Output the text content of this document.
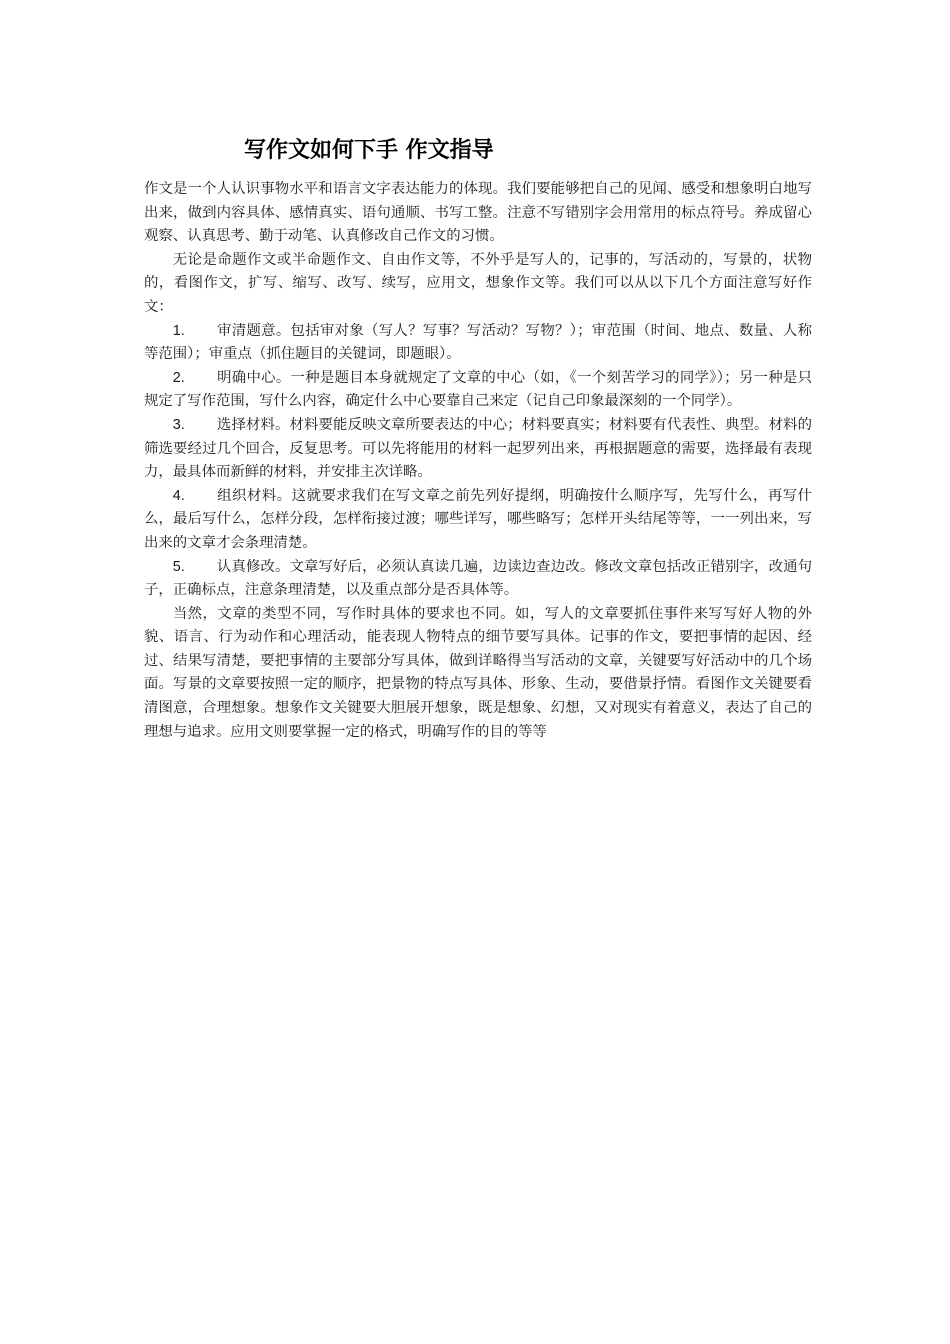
写作文如何下手 作文指导

作文是一个人认识事物水平和语言文字表达能力的体现。我们要能够把自己的见闻、感受和想象明白地写出来，做到内容具体、感情真实、语句通顺、书写工整。注意不写错别字会用常用的标点符号。养成留心观察、认真思考、勤于动笔、认真修改自己作文的习惯。

无论是命题作文或半命题作文、自由作文等，不外乎是写人的，记事的，写活动的，写景的，状物的，看图作文，扩写、缩写、改写、续写，应用文，想象作文等。我们可以从以下几个方面注意写好作文：

1. 审清题意。包括审对象（写人？写事？写活动？写物？）；审范围（时间、地点、数量、人称等范围）；审重点（抓住题目的关键词，即题眼）。

2. 明确中心。一种是题目本身就规定了文章的中心（如，《一个刻苦学习的同学》）；另一种是只规定了写作范围，写什么内容，确定什么中心要靠自己来定（记自己印象最深刻的一个同学）。

3. 选择材料。材料要能反映文章所要表达的中心；材料要真实；材料要有代表性、典型。材料的筛选要经过几个回合，反复思考。可以先将能用的材料一起罗列出来，再根据题意的需要，选择最有表现力，最具体而新鲜的材料，并安排主次详略。

4. 组织材料。这就要求我们在写文章之前先列好提纲，明确按什么顺序写，先写什么，再写什么，最后写什么，怎样分段，怎样衔接过渡；哪些详写，哪些略写；怎样开头结尾等等，一一列出来，写出来的文章才会条理清楚。

5. 认真修改。文章写好后，必须认真读几遍，边读边查边改。修改文章包括改正错别字，改通句子，正确标点，注意条理清楚，以及重点部分是否具体等。

当然，文章的类型不同，写作时具体的要求也不同。如，写人的文章要抓住事件来写写好人物的外貌、语言、行为动作和心理活动，能表现人物特点的细节要写具体。记事的作文，要把事情的起因、经过、结果写清楚，要把事情的主要部分写具体，做到详略得当写活动的文章，关键要写好活动中的几个场面。写景的文章要按照一定的顺序，把景物的特点写具体、形象、生动，要借景抒情。看图作文关键要看清图意，合理想象。想象作文关键要大胆展开想象，既是想象、幻想，又对现实有着意义，表达了自己的理想与追求。应用文则要掌握一定的格式，明确写作的目的等等
